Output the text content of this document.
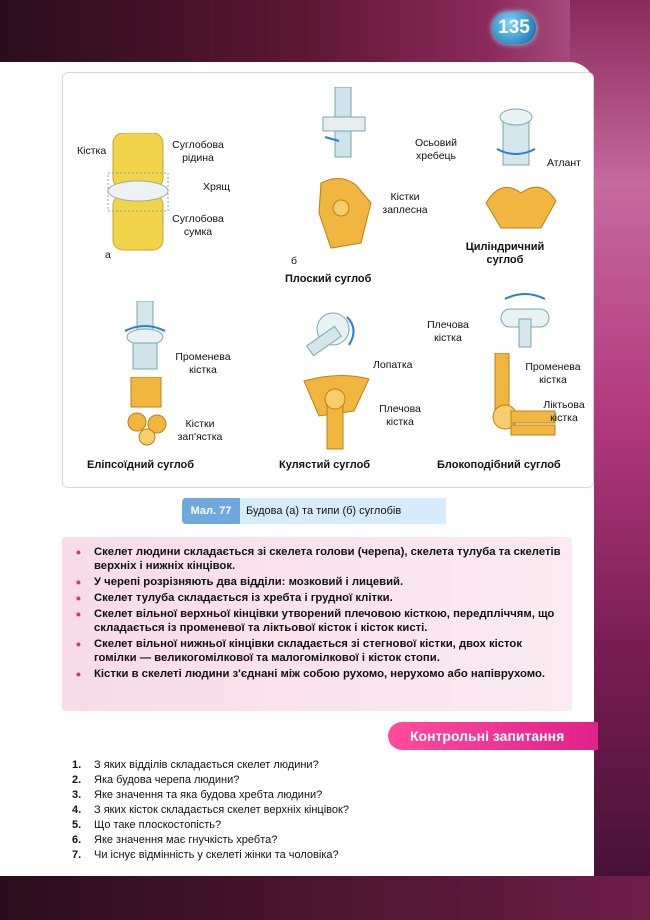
135
Кістка	Суглобова рідина
Хрящ
Суглобова сумка
а
Кістки заплесна
б
Плоский суглоб
Осьовий хребець
Атлант
Циліндричний суглоб
Променева кістка
Кістки зап'ястка
Еліпсоїдний суглоб
Лопатка
Плечова кістка
Кулястий суглоб
Плечова кістка
Променева кістка
Ліктьова кістка
Блокоподібний суглоб
Мал. 77	Будова (а) та типи (б) суглобів
• Скелет людини складається зі скелета голови (черепа), скелета тулуба та скелетів верхніх і нижніх кінцівок.
• У черепі розрізняють два відділи: мозковий і лицевий.
• Скелет тулуба складається із хребта і грудної клітки.
• Скелет вільної верхньої кінцівки утворений плечовою кісткою, передпліччям, що складається із променевої та ліктьової кісток і кісток кисті.
• Скелет вільної нижньої кінцівки складається зі стегнової кістки, двох кісток гомілки — великогомілкової та малогомілкової і кісток стопи.
• Кістки в скелеті людини з'єднані між собою рухомо, нерухомо або напіврухомо.
Контрольні запитання
1. З яких відділів складається скелет людини?
2. Яка будова черепа людини?
3. Яке значення та яка будова хребта людини?
4. З яких кісток складається скелет верхніх кінцівок?
5. Що таке плоскостопість?
6. Яке значення має гнучкість хребта?
7. Чи існує відмінність у скелеті жінки та чоловіка?
